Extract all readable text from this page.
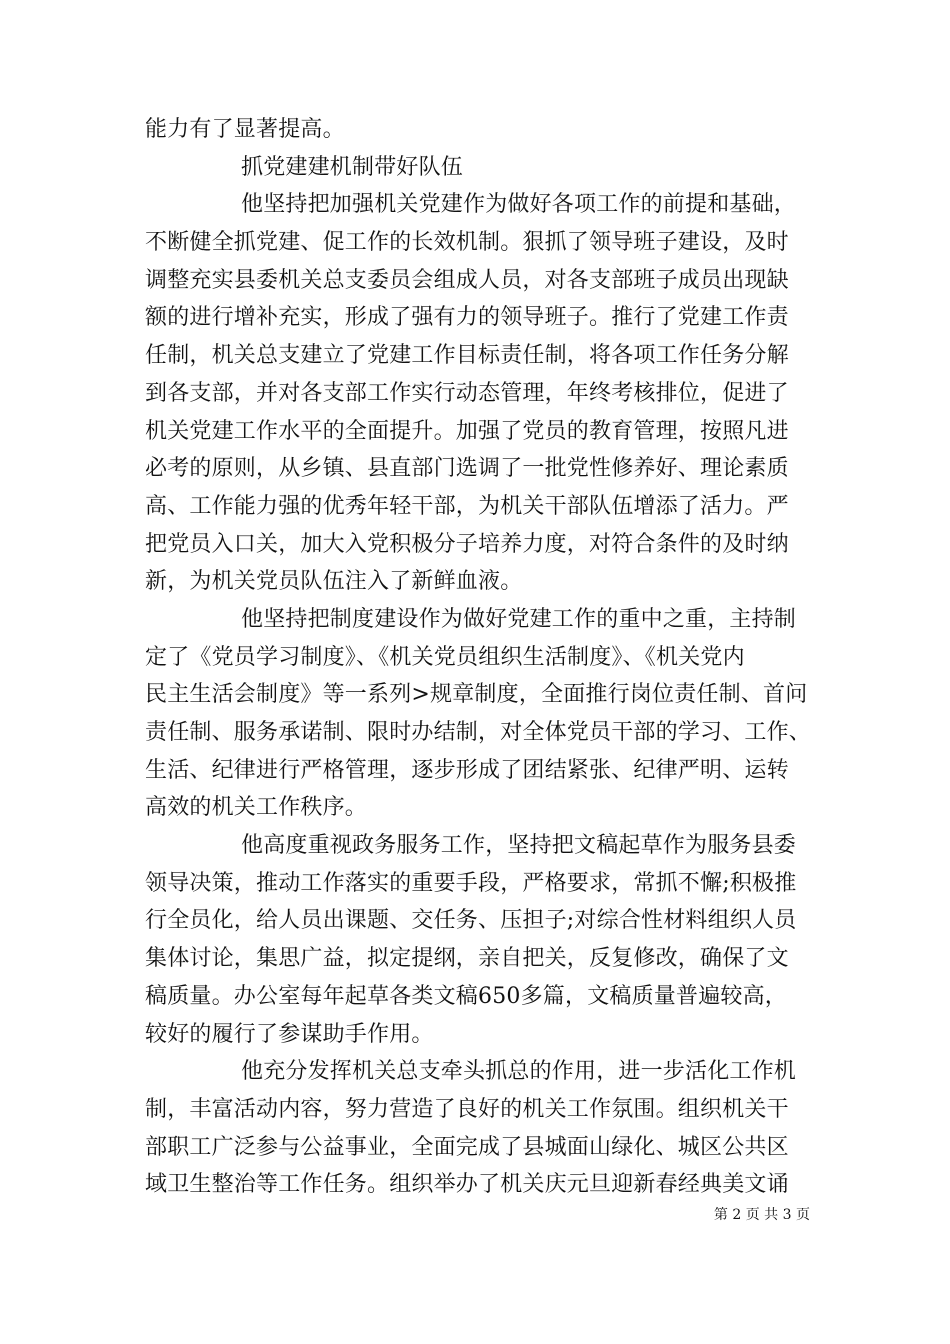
能力有了显著提高。
抓党建建机制带好队伍
他坚持把加强机关党建作为做好各项工作的前提和基础，
不断健全抓党建、促工作的长效机制。狠抓了领导班子建设，及时
调整充实县委机关总支委员会组成人员，对各支部班子成员出现缺
额的进行增补充实，形成了强有力的领导班子。推行了党建工作责
任制，机关总支建立了党建工作目标责任制，将各项工作任务分解
到各支部，并对各支部工作实行动态管理，年终考核排位，促进了
机关党建工作水平的全面提升。加强了党员的教育管理，按照凡进
必考的原则，从乡镇、县直部门选调了一批党性修养好、理论素质
高、工作能力强的优秀年轻干部，为机关干部队伍增添了活力。严
把党员入口关，加大入党积极分子培养力度，对符合条件的及时纳
新，为机关党员队伍注入了新鲜血液。
他坚持把制度建设作为做好党建工作的重中之重，主持制
定了《党员学习制度》、《机关党员组织生活制度》、《机关党内
民主生活会制度》等一系列>规章制度，全面推行岗位责任制、首问
责任制、服务承诺制、限时办结制，对全体党员干部的学习、工作、
生活、纪律进行严格管理，逐步形成了团结紧张、纪律严明、运转
高效的机关工作秩序。
他高度重视政务服务工作，坚持把文稿起草作为服务县委
领导决策，推动工作落实的重要手段，严格要求，常抓不懈;积极推
行全员化，给人员出课题、交任务、压担子;对综合性材料组织人员
集体讨论，集思广益，拟定提纲，亲自把关，反复修改，确保了文
稿质量。办公室每年起草各类文稿650多篇，文稿质量普遍较高，
较好的履行了参谋助手作用。
他充分发挥机关总支牵头抓总的作用，进一步活化工作机
制，丰富活动内容，努力营造了良好的机关工作氛围。组织机关干
部职工广泛参与公益事业，全面完成了县城面山绿化、城区公共区
域卫生整治等工作任务。组织举办了机关庆元旦迎新春经典美文诵
第 2 页 共 3 页
